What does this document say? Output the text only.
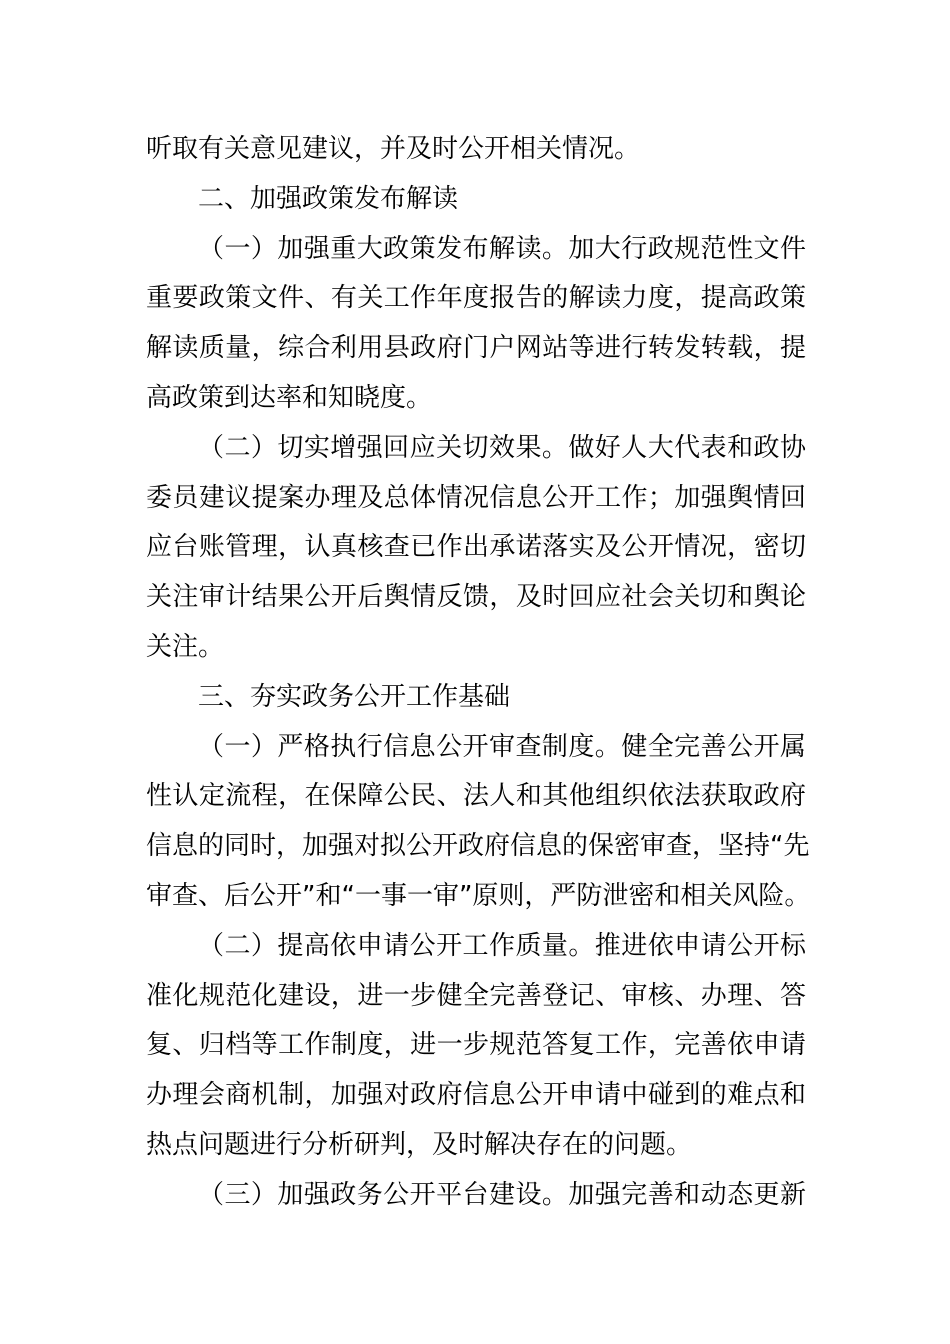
听取有关意见建议，并及时公开相关情况。
二、加强政策发布解读
（一）加强重大政策发布解读。加大行政规范性文件
重要政策文件、有关工作年度报告的解读力度，提高政策
解读质量，综合利用县政府门户网站等进行转发转载，提
高政策到达率和知晓度。
（二）切实增强回应关切效果。做好人大代表和政协
委员建议提案办理及总体情况信息公开工作；加强舆情回
应台账管理，认真核查已作出承诺落实及公开情况，密切
关注审计结果公开后舆情反馈，及时回应社会关切和舆论
关注。
三、夯实政务公开工作基础
（一）严格执行信息公开审查制度。健全完善公开属
性认定流程，在保障公民、法人和其他组织依法获取政府
信息的同时，加强对拟公开政府信息的保密审查，坚持“先
审查、后公开”和“一事一审”原则，严防泄密和相关风险。
（二）提高依申请公开工作质量。推进依申请公开标
准化规范化建设，进一步健全完善登记、审核、办理、答
复、归档等工作制度，进一步规范答复工作，完善依申请
办理会商机制，加强对政府信息公开申请中碰到的难点和
热点问题进行分析研判，及时解决存在的问题。
（三）加强政务公开平台建设。加强完善和动态更新
